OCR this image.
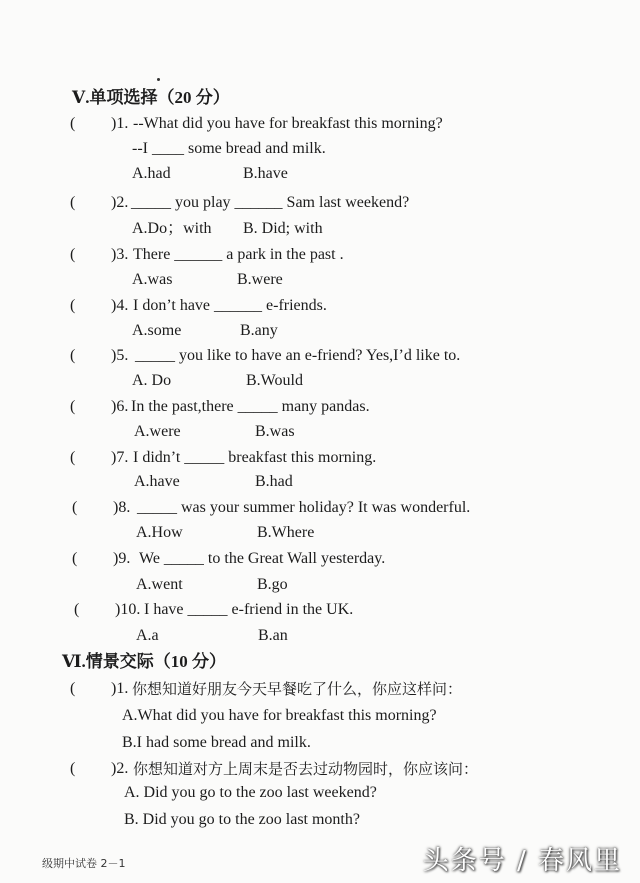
Ⅴ.单项选择（20 分）
( )1. --What did you have for breakfast this morning?
--I ____ some bread and milk.
A.had	B.have
( )2. _____ you play ______ Sam last weekend?
A.Do；with B. Did; with
( )3. There ______ a park in the past .
A.was	B.were
( )4. I don’t have ______ e-friends.
A.some	B.any
( )5. _____ you like to have an e-friend? Yes,I’d like to.
A. Do	B.Would
( )6. In the past,there _____ many pandas.
A.were	B.was
( )7. I didn’t _____ breakfast this morning.
A.have	B.had
( )8. _____ was your summer holiday? It was wonderful.
A.How	B.Where
( )9. We _____ to the Great Wall yesterday.
A.went	B.go
( )10. I have _____ e-friend in the UK.
A.a	B.an
Ⅵ.情景交际（10 分）
( )1. 你想知道好朋友今天早餐吃了什么，你应这样问：
A.What did you have for breakfast this morning?
B.I had some bread and milk.
( )2. 你想知道对方上周末是否去过动物园时，你应该问：
A. Did you go to the zoo last weekend?
B. Did you go to the zoo last month?
级期中试卷 2－1	头条号 / 春风里
